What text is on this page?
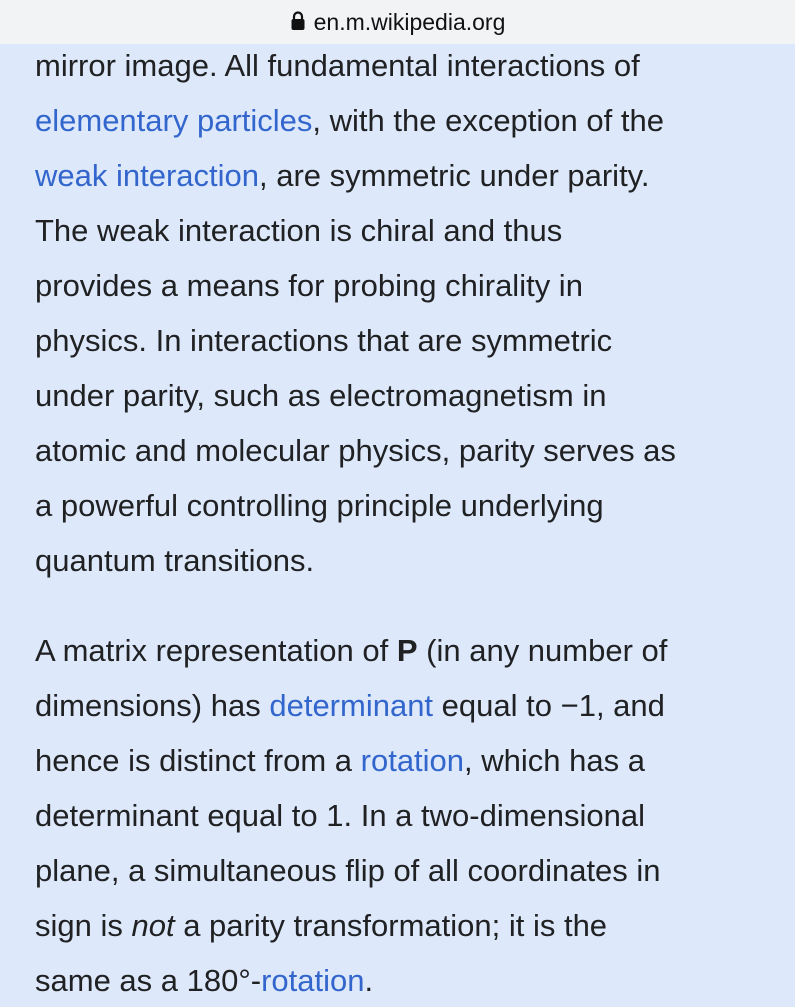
en.m.wikipedia.org

mirror image. All fundamental interactions of
elementary particles, with the exception of the
weak interaction, are symmetric under parity.
The weak interaction is chiral and thus
provides a means for probing chirality in
physics. In interactions that are symmetric
under parity, such as electromagnetism in
atomic and molecular physics, parity serves as
a powerful controlling principle underlying
quantum transitions.

A matrix representation of P (in any number of
dimensions) has determinant equal to −1, and
hence is distinct from a rotation, which has a
determinant equal to 1. In a two-dimensional
plane, a simultaneous flip of all coordinates in
sign is not a parity transformation; it is the
same as a 180°-rotation.
